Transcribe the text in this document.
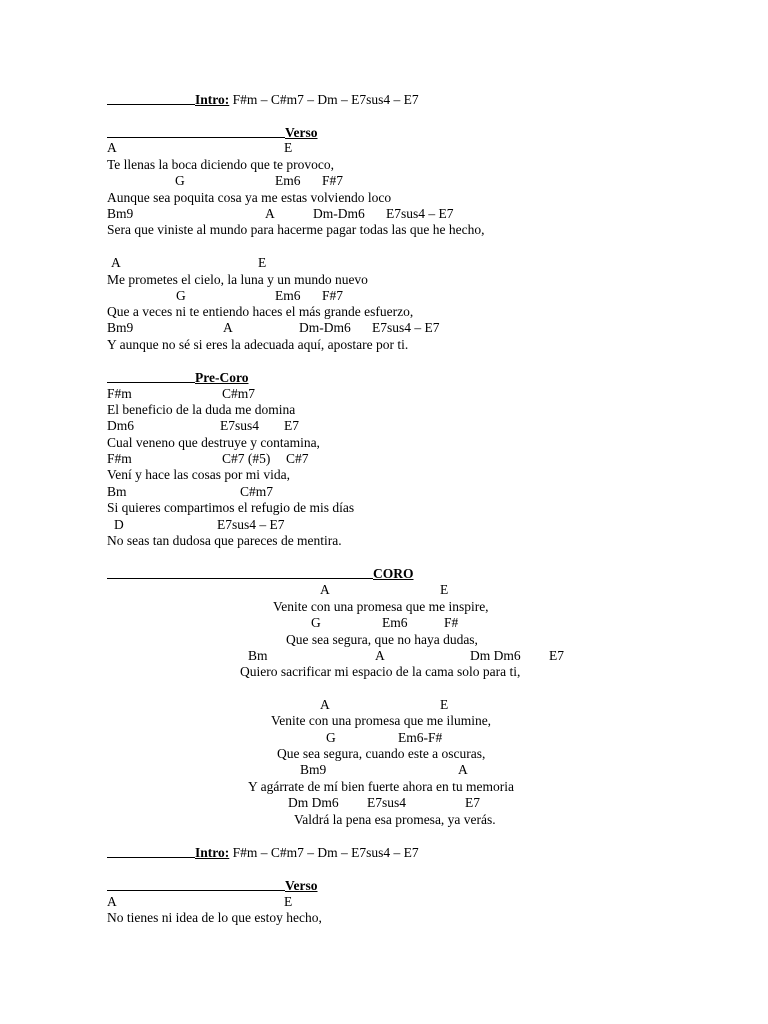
Intro: F#m – C#m7 – Dm – E7sus4 – E7
Verso
A	E
Te llenas la boca diciendo que te provoco,
G	Em6 F#7
Aunque sea poquita cosa ya me estas volviendo loco
Bm9	A	Dm-Dm6 E7sus4 – E7
Sera que viniste al mundo para hacerme pagar todas las que he hecho,
A	E
Me prometes el cielo, la luna y un mundo nuevo
G	Em6 F#7
Que a veces ni te entiendo haces el más grande esfuerzo,
Bm9	A	Dm-Dm6 E7sus4 – E7
Y aunque no sé si eres la adecuada aquí, apostare por ti.
Pre-Coro
F#m	C#m7
El beneficio de la duda me domina
Dm6	E7sus4 E7
Cual veneno que destruye y contamina,
F#m	C#7 (#5) C#7
Vení y hace las cosas por mi vida,
Bm	C#m7
Si quieres compartimos el refugio de mis días
D	E7sus4 – E7
No seas tan dudosa que pareces de mentira.
CORO
A	E
Venite con una promesa que me inspire,
G	Em6	F#
Que sea segura, que no haya dudas,
Bm	A	Dm Dm6 E7
Quiero sacrificar mi espacio de la cama solo para ti,
A	E
Venite con una promesa que me ilumine,
G	Em6-F#
Que sea segura, cuando este a oscuras,
Bm9	A
Y agárrate de mí bien fuerte ahora en tu memoria
Dm Dm6 E7sus4	E7
Valdrá la pena esa promesa, ya verás.
Intro: F#m – C#m7 – Dm – E7sus4 – E7
Verso
A	E
No tienes ni idea de lo que estoy hecho,
